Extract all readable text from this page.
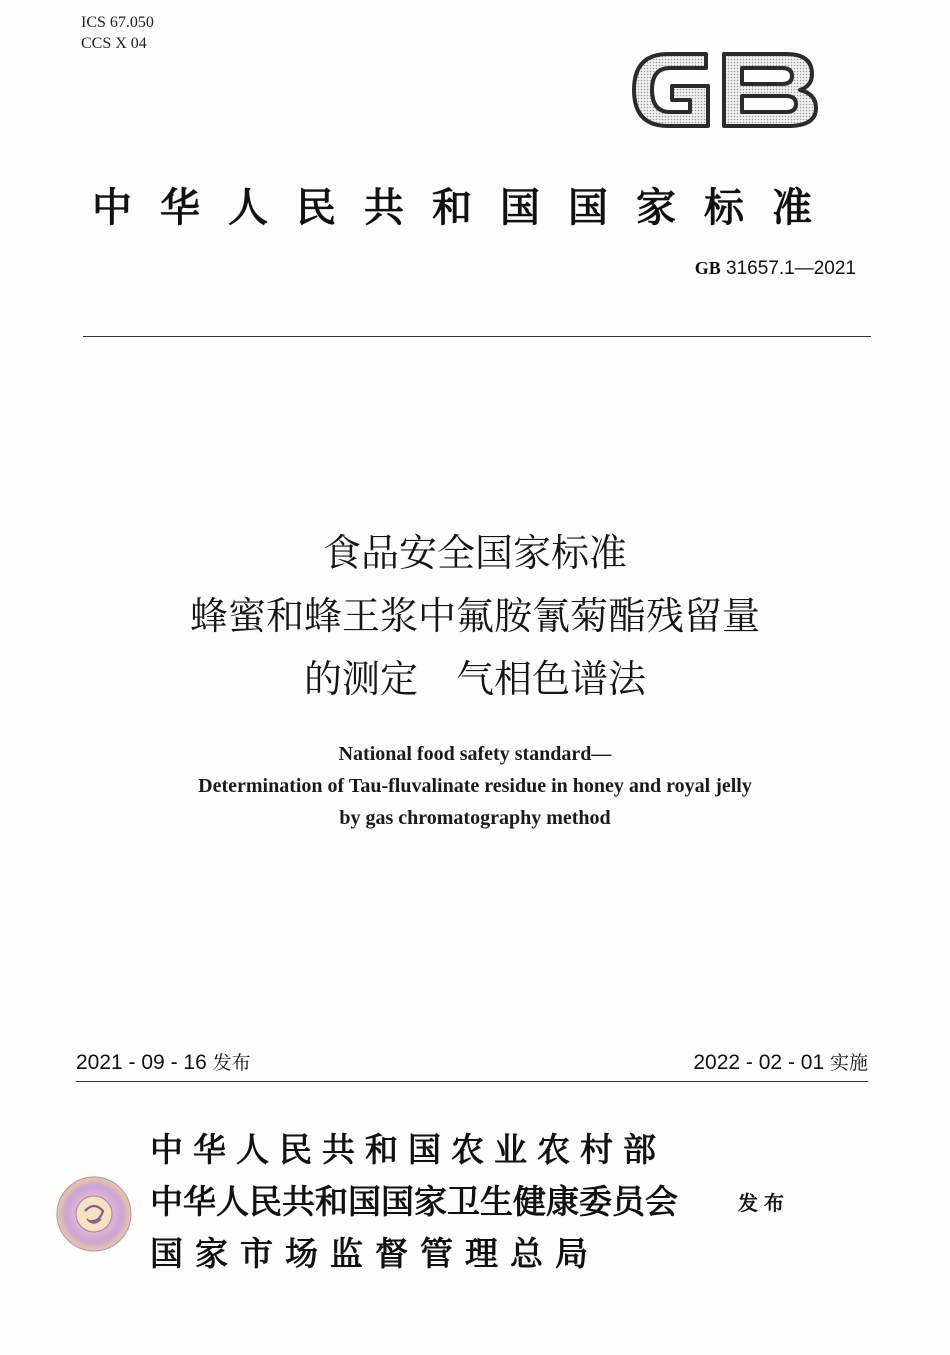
ICS 67.050
CCS X 04
中华人民共和国国家标准
GB 31657.1—2021
食品安全国家标准
蜂蜜和蜂王浆中氟胺氰菊酯残留量
的测定　气相色谱法
National food safety standard—
Determination of Tau-fluvalinate residue in honey and royal jelly
by gas chromatography method
2021 - 09 - 16 发布	2022 - 02 - 01 实施
中华人民共和国农业农村部
中华人民共和国国家卫生健康委员会
国家市场监督管理总局
发布
